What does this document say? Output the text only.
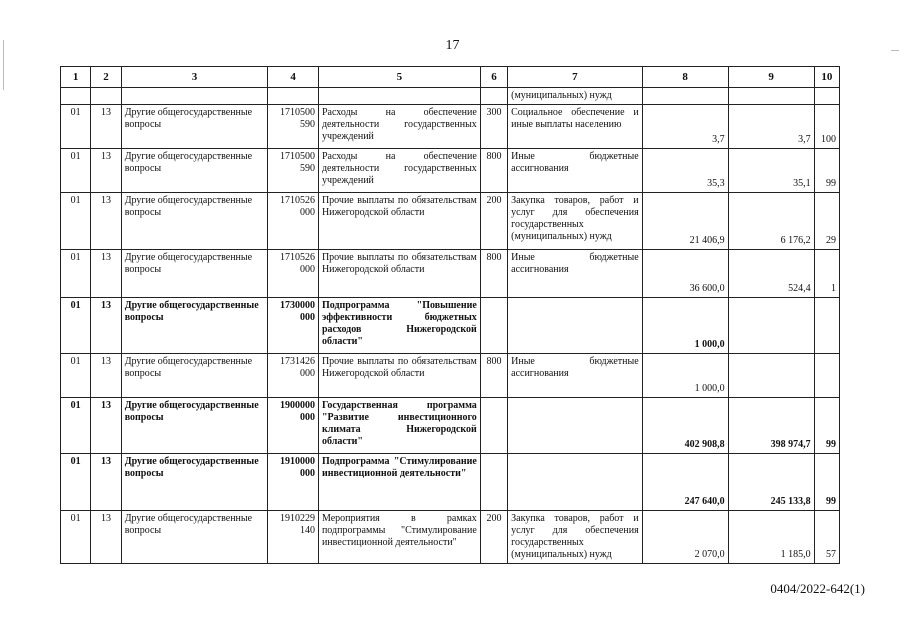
17
1	2	3	4	5	6	7	8	9	10
						(муниципальных) нужд			
01	13	Другие общегосударственные вопросы	1710500 590	Расходы на обеспечение деятельности государственных учреждений	300	Социальное обеспечение и иные выплаты населению	3,7	3,7	100
01	13	Другие общегосударственные вопросы	1710500 590	Расходы на обеспечение деятельности государственных учреждений	800	Иные бюджетные ассигнования	35,3	35,1	99
01	13	Другие общегосударственные вопросы	1710526 000	Прочие выплаты по обязательствам Нижегородской области	200	Закупка товаров, работ и услуг для обеспечения государственных (муниципальных) нужд	21 406,9	6 176,2	29
01	13	Другие общегосударственные вопросы	1710526 000	Прочие выплаты по обязательствам Нижегородской области	800	Иные бюджетные ассигнования	36 600,0	524,4	1
01	13	Другие общегосударственные вопросы	1730000 000	Подпрограмма "Повышение эффективности бюджетных расходов Нижегородской области"			1 000,0		
01	13	Другие общегосударственные вопросы	1731426 000	Прочие выплаты по обязательствам Нижегородской области	800	Иные бюджетные ассигнования	1 000,0		
01	13	Другие общегосударственные вопросы	1900000 000	Государственная программа "Развитие инвестиционного климата Нижегородской области"			402 908,8	398 974,7	99
01	13	Другие общегосударственные вопросы	1910000 000	Подпрограмма "Стимулирование инвестиционной деятельности"			247 640,0	245 133,8	99
01	13	Другие общегосударственные вопросы	1910229 140	Мероприятия в рамках подпрограммы "Стимулирование инвестиционной деятельности"	200	Закупка товаров, работ и услуг для обеспечения государственных (муниципальных) нужд	2 070,0	1 185,0	57
0404/2022-642(1)
